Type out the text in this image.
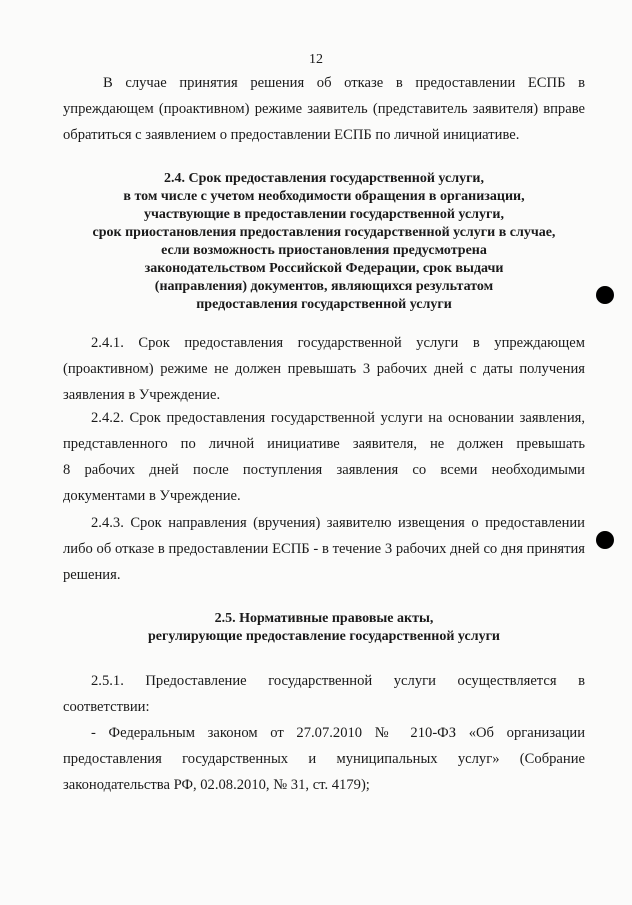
12
В случае принятия решения об отказе в предоставлении ЕСПБ в
упреждающем (проактивном) режиме заявитель (представитель заявителя) вправе
обратиться с заявлением о предоставлении ЕСПБ по личной инициативе.
2.4. Срок предоставления государственной услуги,
в том числе с учетом необходимости обращения в организации,
участвующие в предоставлении государственной услуги,
срок приостановления предоставления государственной услуги в случае,
если возможность приостановления предусмотрена
законодательством Российской Федерации, срок выдачи
(направления) документов, являющихся результатом
предоставления государственной услуги
2.4.1. Срок предоставления государственной услуги в упреждающем
(проактивном) режиме не должен превышать 3 рабочих дней с даты получения
заявления в Учреждение.
2.4.2. Срок предоставления государственной услуги на основании заявления,
представленного по личной инициативе заявителя, не должен превышать
8 рабочих дней после поступления заявления со всеми необходимыми
документами в Учреждение.
2.4.3. Срок направления (вручения) заявителю извещения о предоставлении
либо об отказе в предоставлении ЕСПБ - в течение 3 рабочих дней со дня принятия
решения.
2.5. Нормативные правовые акты,
регулирующие предоставление государственной услуги
2.5.1. Предоставление государственной услуги осуществляется в
соответствии:
- Федеральным законом от 27.07.2010 № 210-ФЗ «Об организации
предоставления государственных и муниципальных услуг» (Собрание
законодательства РФ, 02.08.2010, № 31, ст. 4179);
